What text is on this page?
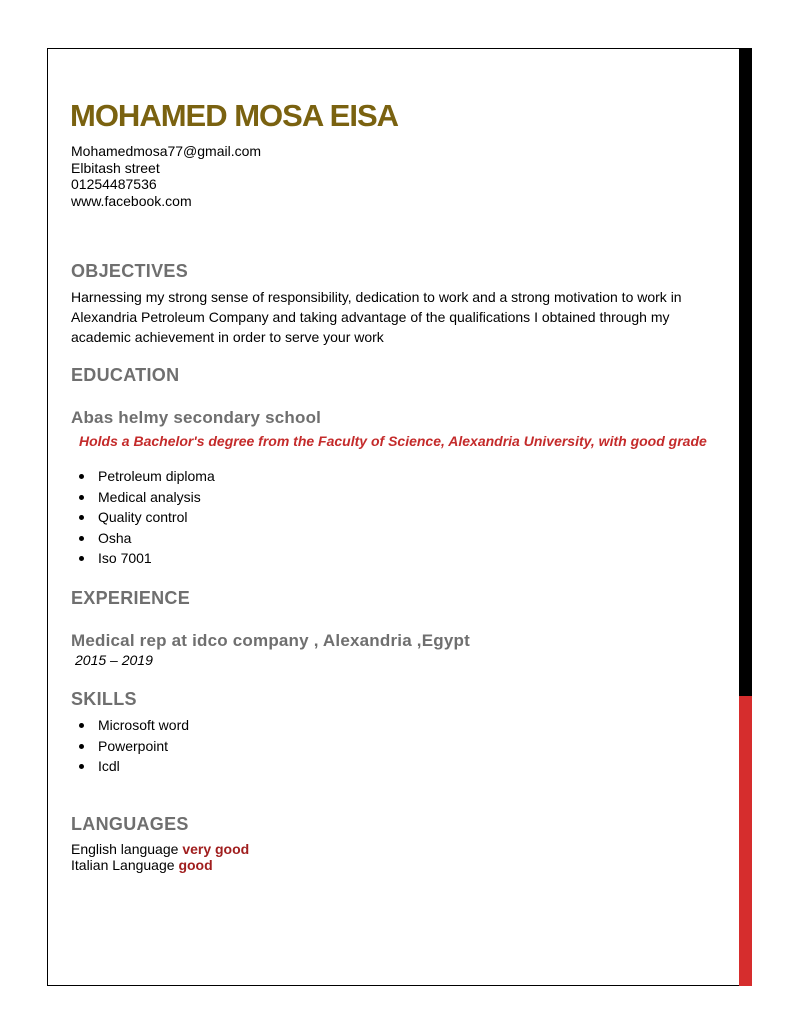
MOHAMED MOSA EISA
Mohamedmosa77@gmail.com
Elbitash street
01254487536
www.facebook.com
OBJECTIVES

Harnessing my strong sense of responsibility, dedication to work and a strong motivation to work in Alexandria Petroleum Company and taking advantage of the qualifications I obtained through my academic achievement in order to serve your work

EDUCATION
Abas helmy secondary school

Holds a Bachelor's degree from the Faculty of Science, Alexandria University, with good grade

Petroleum diploma
Medical analysis
Quality control
Osha
Iso 7001
EXPERIENCE
Medical rep at idco company , Alexandria ,Egypt

2015 – 2019

SKILLS
Microsoft word
Powerpoint
Icdl
LANGUAGES
English language very good
Italian Language good
